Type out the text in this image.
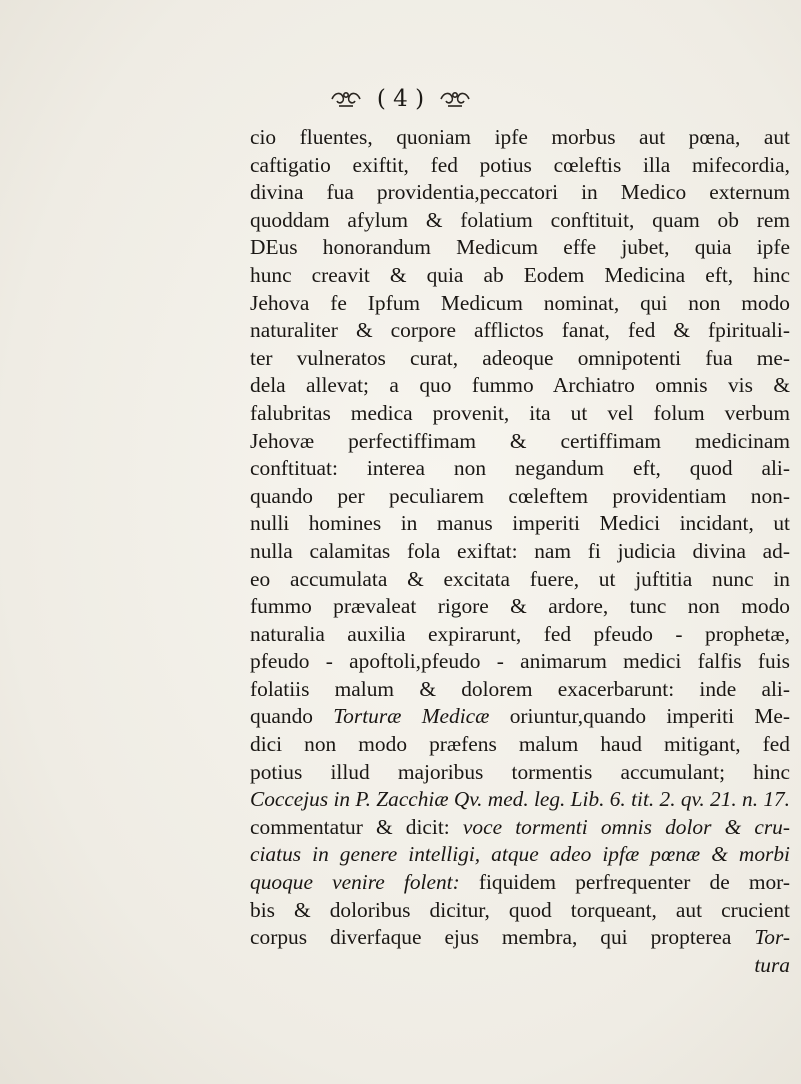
( 4 )
cio fluentes, quoniam ipfe morbus aut pœna, aut
caftigatio exiftit, fed potius cœleftis illa mifecordia,
divina fua providentia,peccatori in Medico externum
quoddam afylum & folatium conftituit, quam ob rem
DEus honorandum Medicum effe jubet, quia ipfe
hunc creavit & quia ab Eodem Medicina eft, hinc
Jehova fe Ipfum Medicum nominat, qui non modo
naturaliter & corpore afflictos fanat, fed & fpirituali-
ter vulneratos curat, adeoque omnipotenti fua me-
dela allevat; a quo fummo Archiatro omnis vis &
falubritas medica provenit, ita ut vel folum verbum
Jehovæ perfectiffimam & certiffimam medicinam
conftituat: interea non negandum eft, quod ali-
quando per peculiarem cœleftem providentiam non-
nulli homines in manus imperiti Medici incidant, ut
nulla calamitas fola exiftat: nam fi judicia divina ad-
eo accumulata & excitata fuere, ut juftitia nunc in
fummo prævaleat rigore & ardore, tunc non modo
naturalia auxilia expirarunt, fed pfeudo - prophetæ,
pfeudo - apoftoli,pfeudo - animarum medici falfis fuis
folatiis malum & dolorem exacerbarunt: inde ali-
quando Torturæ Medicæ oriuntur,quando imperiti Me-
dici non modo præfens malum haud mitigant, fed
potius illud majoribus tormentis accumulant; hinc
Coccejus in P. Zacchiæ Qv. med. leg. Lib. 6. tit. 2. qv. 21. n. 17.
commentatur & dicit: voce tormenti omnis dolor & cru-
ciatus in genere intelligi, atque adeo ipfæ pœnæ & morbi
quoque venire folent: fiquidem perfrequenter de mor-
bis & doloribus dicitur, quod torqueant, aut crucient
corpus diverfaque ejus membra, qui propterea Tor-
tura
